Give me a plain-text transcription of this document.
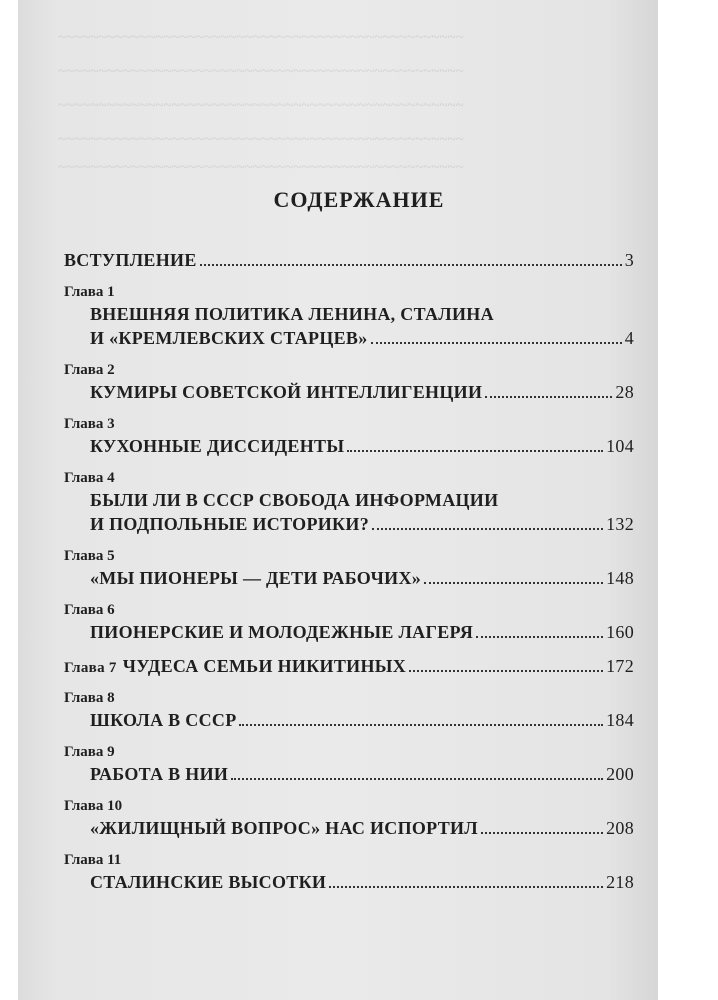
~~~~~~~~~~~~~~~~~~~~~~~~~~~~~~~~~~~~~~~~~~~~~~~~~~
~~~~~~~~~~~~~~~~~~~~~~~~~~~~~~~~~~~~~~~~~~~~~~~~~~
~~~~~~~~~~~~~~~~~~~~~~~~~~~~~~~~~~~~~~~~~~~~~~~~~~
~~~~~~~~~~~~~~~~~~~~~~~~~~~~~~~~~~~~~~~~~~~~~~~~~~
~~~~~~~~~~~~~~~~~~~~~~~~~~~~~~~~~~~~~~~~~~~~~~~~~~
СОДЕРЖАНИЕ
ВСТУПЛЕНИЕ	3
Глава 1
ВНЕШНЯЯ ПОЛИТИКА ЛЕНИНА, СТАЛИНА
И «КРЕМЛЕВСКИХ СТАРЦЕВ»	4
Глава 2
КУМИРЫ СОВЕТСКОЙ ИНТЕЛЛИГЕНЦИИ	28
Глава 3
КУХОННЫЕ ДИССИДЕНТЫ	104
Глава 4
БЫЛИ ЛИ В СССР СВОБОДА ИНФОРМАЦИИ
И ПОДПОЛЬНЫЕ ИСТОРИКИ?	132
Глава 5
«МЫ ПИОНЕРЫ — ДЕТИ РАБОЧИХ»	148
Глава 6
ПИОНЕРСКИЕ И МОЛОДЕЖНЫЕ ЛАГЕРЯ	160
Глава 7 ЧУДЕСА СЕМЬИ НИКИТИНЫХ	172
Глава 8
ШКОЛА В СССР	184
Глава 9
РАБОТА В НИИ	200
Глава 10
«ЖИЛИЩНЫЙ ВОПРОС» НАС ИСПОРТИЛ	208
Глава 11
СТАЛИНСКИЕ ВЫСОТКИ	218
